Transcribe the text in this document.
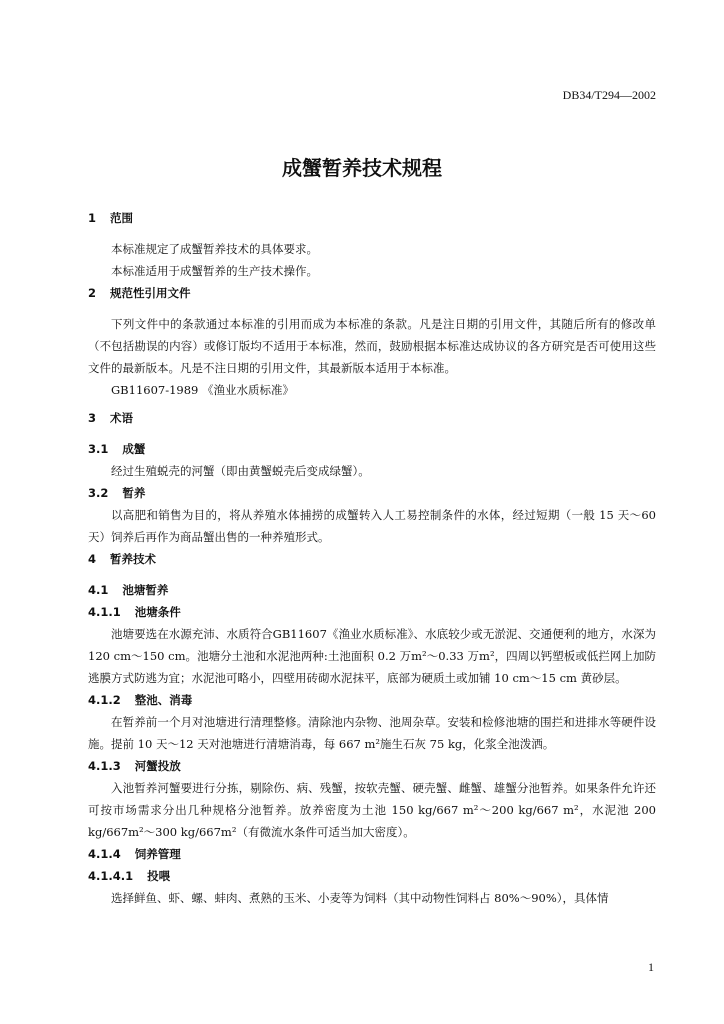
DB34/T294—2002
成蟹暂养技术规程

1 范围

本标准规定了成蟹暂养技术的具体要求。

本标准适用于成蟹暂养的生产技术操作。

2 规范性引用文件

下列文件中的条款通过本标准的引用而成为本标准的条款。凡是注日期的引用文件，其随后所有的修改单（不包括勘误的内容）或修订版均不适用于本标准，然而，鼓励根据本标准达成协议的各方研究是否可使用这些文件的最新版本。凡是不注日期的引用文件，其最新版本适用于本标准。

GB11607-1989 《渔业水质标准》

3 术语

3.1 成蟹

经过生殖蜕壳的河蟹（即由黄蟹蜕壳后变成绿蟹）。

3.2 暂养

以高肥和销售为目的，将从养殖水体捕捞的成蟹转入人工易控制条件的水体，经过短期（一般 15 天～60 天）饲养后再作为商品蟹出售的一种养殖形式。

4 暂养技术

4.1 池塘暂养

4.1.1 池塘条件

池塘要选在水源充沛、水质符合GB11607《渔业水质标准》、水底较少或无淤泥、交通便利的地方，水深为 120 cm～150 cm。池塘分土池和水泥池两种:土池面积 0.2 万m²～0.33 万m²，四周以钙塑板或低拦网上加防逃膜方式防逃为宜；水泥池可略小，四壁用砖砌水泥抹平，底部为硬质土或加铺 10 cm～15 cm 黄砂层。

4.1.2 整池、消毒

在暂养前一个月对池塘进行清理整修。清除池内杂物、池周杂草。安装和检修池塘的围拦和进排水等硬件设施。提前 10 天～12 天对池塘进行清塘消毒，每 667 m²施生石灰 75 kg，化浆全池泼洒。

4.1.3 河蟹投放

入池暂养河蟹要进行分拣，剔除伤、病、残蟹，按软壳蟹、硬壳蟹、雌蟹、雄蟹分池暂养。如果条件允许还可按市场需求分出几种规格分池暂养。放养密度为土池 150 kg/667 m²～200 kg/667 m²，水泥池 200 kg/667m²～300 kg/667m²（有微流水条件可适当加大密度）。

4.1.4 饲养管理

4.1.4.1 投喂

选择鲜鱼、虾、螺、蚌肉、煮熟的玉米、小麦等为饲料（其中动物性饲料占 80%～90%），具体情

1
